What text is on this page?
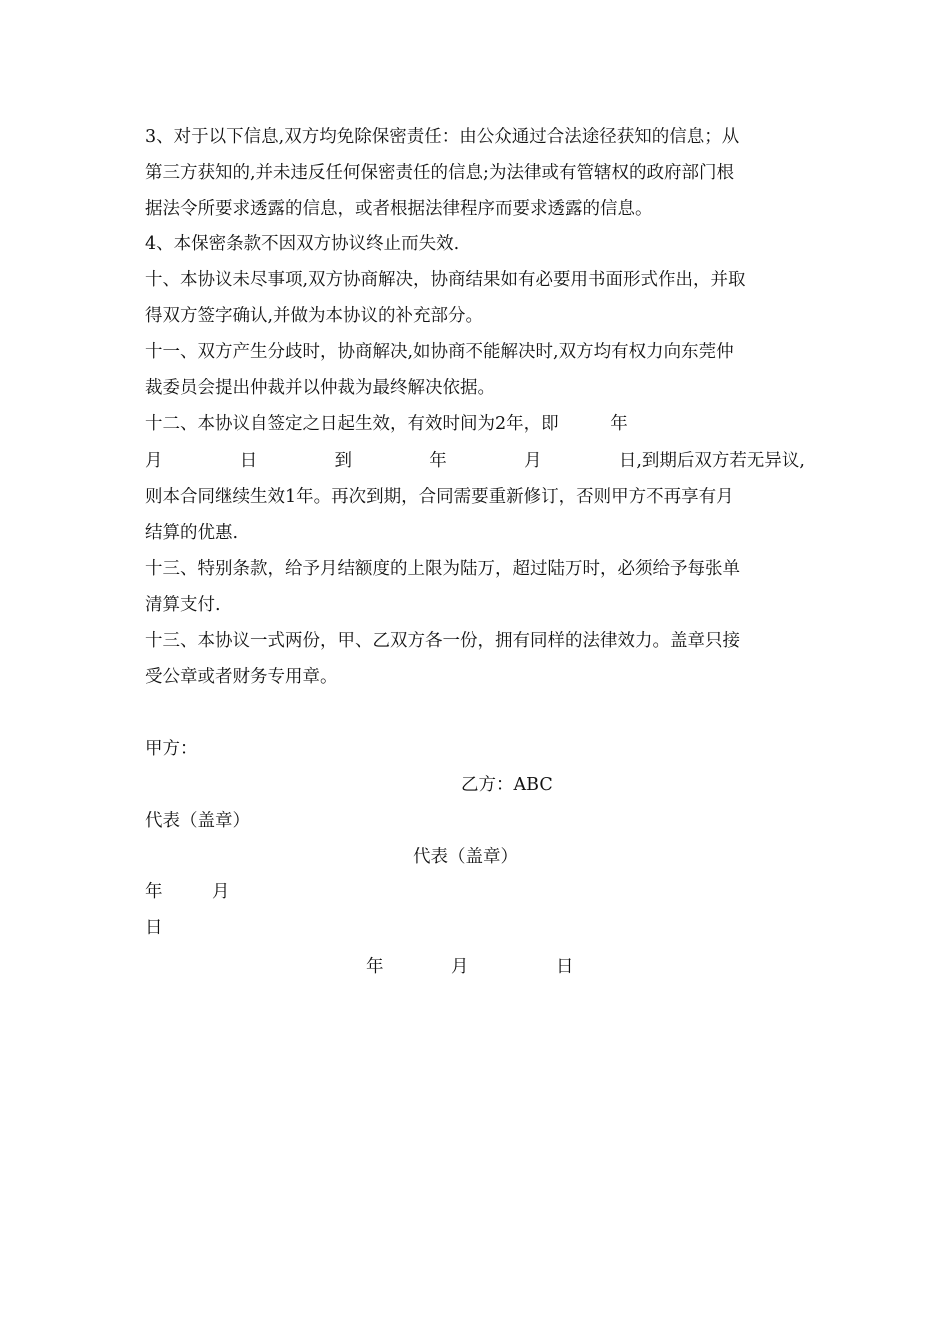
3、对于以下信息,双方均免除保密责任：由公众通过合法途径获知的信息；从
第三方获知的,并未违反任何保密责任的信息;为法律或有管辖权的政府部门根
据法令所要求透露的信息，或者根据法律程序而要求透露的信息。
4、本保密条款不因双方协议终止而失效.
十、本协议未尽事项,双方协商解决，协商结果如有必要用书面形式作出，并取
得双方签字确认,并做为本协议的补充部分。
十一、双方产生分歧时，协商解决,如协商不能解决时,双方均有权力向东莞仲
裁委员会提出仲裁并以仲裁为最终解决依据。
十二、本协议自签定之日起生效，有效时间为2年，即	年
月	日	到	年	月	日,到期后双方若无异议,
则本合同继续生效1年。再次到期，合同需要重新修订，否则甲方不再享有月
结算的优惠.
十三、特别条款，给予月结额度的上限为陆万，超过陆万时，必须给予每张单
清算支付.
十三、本协议一式两份，甲、乙双方各一份，拥有同样的法律效力。盖章只接
受公章或者财务专用章。
甲方：
乙方：ABC
代表（盖章）
代表（盖章）
年	月
日
年	月	日
